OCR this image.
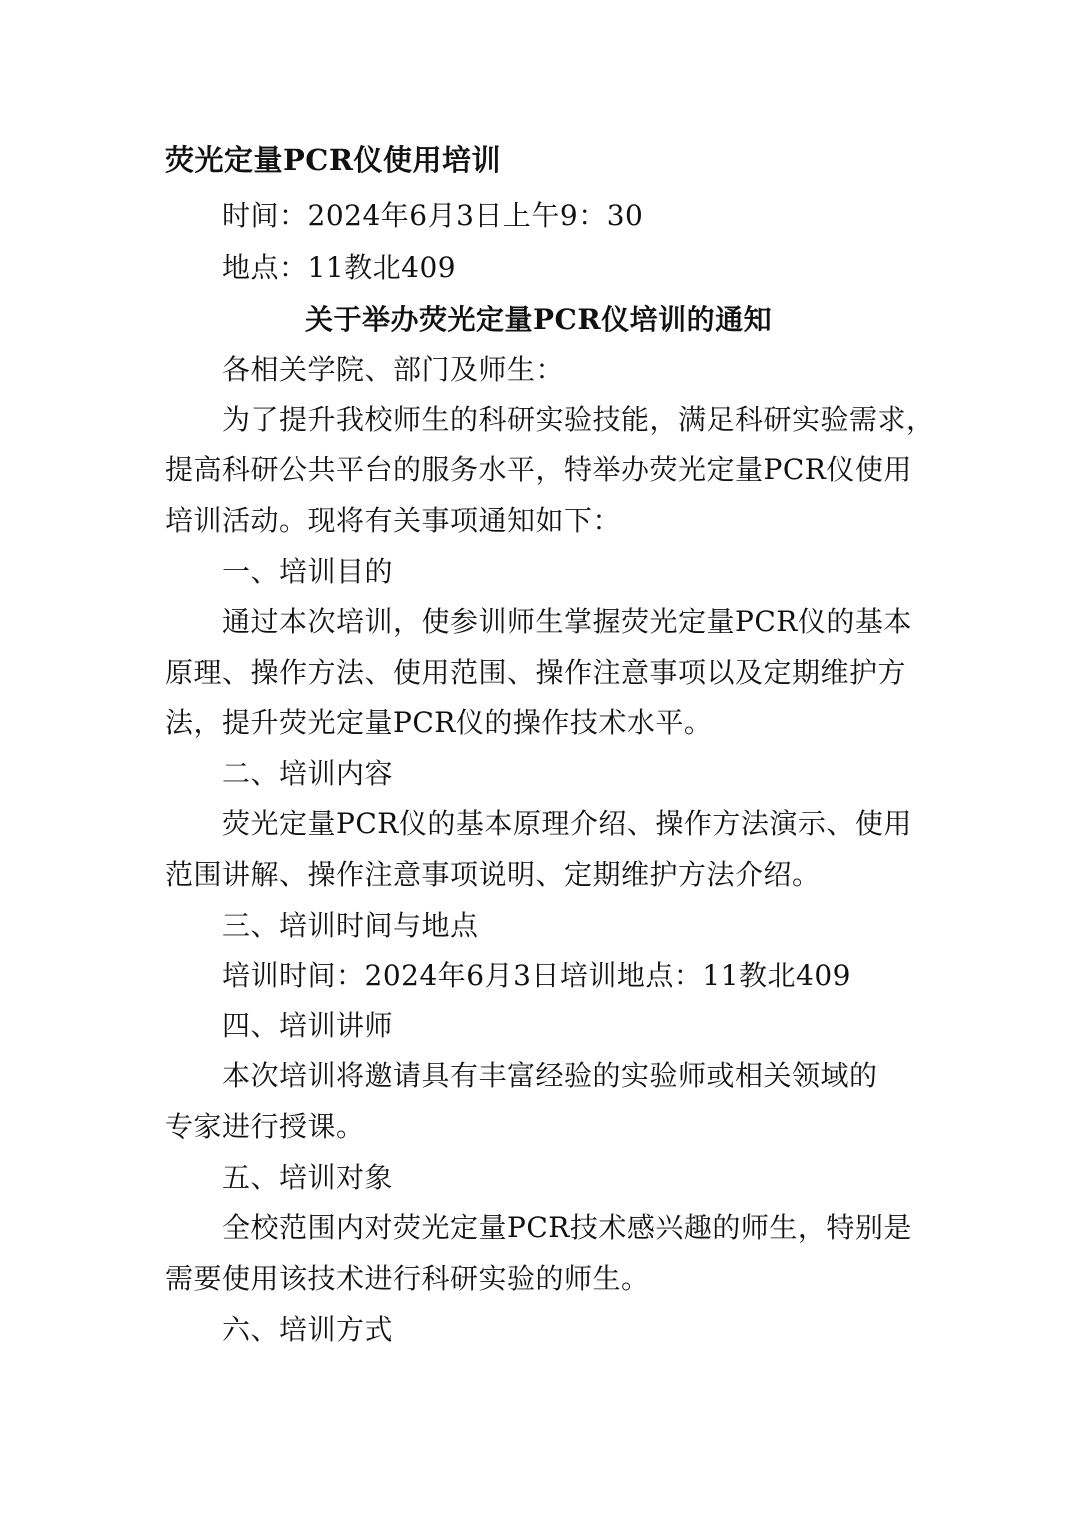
荧光定量PCR仪使用培训
时间：2024年6月3日上午9：30
地点：11教北409
关于举办荧光定量PCR仪培训的通知
各相关学院、部门及师生：
为了提升我校师生的科研实验技能，满足科研实验需求，
提高科研公共平台的服务水平，特举办荧光定量PCR仪使用
培训活动。现将有关事项通知如下：
一、培训目的
通过本次培训，使参训师生掌握荧光定量PCR仪的基本
原理、操作方法、使用范围、操作注意事项以及定期维护方
法，提升荧光定量PCR仪的操作技术水平。
二、培训内容
荧光定量PCR仪的基本原理介绍、操作方法演示、使用
范围讲解、操作注意事项说明、定期维护方法介绍。
三、培训时间与地点
培训时间：2024年6月3日培训地点：11教北409
四、培训讲师
本次培训将邀请具有丰富经验的实验师或相关领域的
专家进行授课。
五、培训对象
全校范围内对荧光定量PCR技术感兴趣的师生，特别是
需要使用该技术进行科研实验的师生。
六、培训方式
